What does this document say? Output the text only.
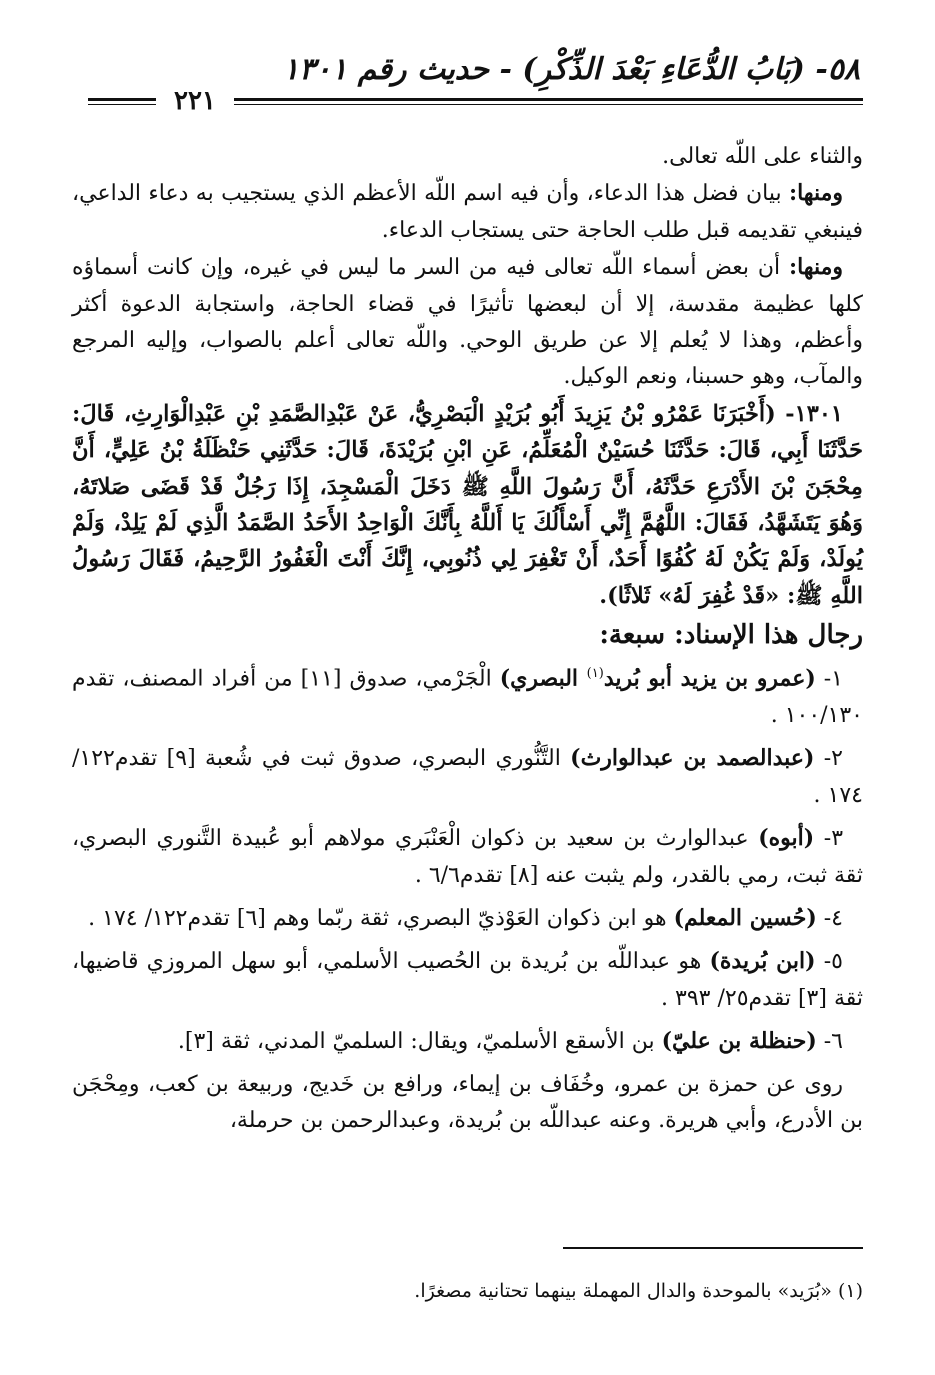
٥٨- (بَابُ الدُّعَاءِ بَعْدَ الذِّكْرِ) - حديث رقم ١٣٠١
٢٢١

والثناء على اللّه تعالى.

ومنها: بيان فضل هذا الدعاء، وأن فيه اسم اللّه الأعظم الذي يستجيب به دعاء الداعي، فينبغي تقديمه قبل طلب الحاجة حتى يستجاب الدعاء.

ومنها: أن بعض أسماء اللّه تعالى فيه من السر ما ليس في غيره، وإن كانت أسماؤه كلها عظيمة مقدسة، إلا أن لبعضها تأثيرًا في قضاء الحاجة، واستجابة الدعوة أكثر وأعظم، وهذا لا يُعلم إلا عن طريق الوحي. واللّه تعالى أعلم بالصواب، وإليه المرجع والمآب، وهو حسبنا، ونعم الوكيل.

١٣٠١- (أَخْبَرَنَا عَمْرُو بْنُ يَزِيدَ أَبُو بُرَيْدٍ الْبَصْرِيُّ، عَنْ عَبْدِالصَّمَدِ بْنِ عَبْدِالْوَارِثِ، قَالَ: حَدَّثَنَا أَبِي، قَالَ: حَدَّثَنَا حُسَيْنٌ الْمُعَلِّمُ، عَنِ ابْنِ بُرَيْدَةَ، قَالَ: حَدَّثَنِي حَنْظَلَةُ بْنُ عَلِيٍّ، أَنَّ مِحْجَنَ بْنَ الأَدْرَعِ حَدَّثَهُ، أَنَّ رَسُولَ اللَّهِ ﷺ دَخَلَ الْمَسْجِدَ، إِذَا رَجُلٌ قَدْ قَضَى صَلاتَهُ، وَهُوَ يَتَشَهَّدُ، فَقَالَ: اللَّهُمَّ إِنِّي أَسْأَلُكَ يَا أَللَّهُ بِأَنَّكَ الْوَاحِدُ الأَحَدُ الصَّمَدُ الَّذِي لَمْ يَلِدْ، وَلَمْ يُولَدْ، وَلَمْ يَكُنْ لَهُ كُفُوًا أَحَدٌ، أَنْ تَغْفِرَ لِي ذُنُوبِي، إِنَّكَ أَنْتَ الْغَفُورُ الرَّحِيمُ، فَقَالَ رَسُولُ اللَّهِ ﷺ: «قَدْ غُفِرَ لَهُ» ثَلاثًا).

رجال هذا الإسناد: سبعة:

١- (عمرو بن يزيد أبو بُريد$^{(١)}$ البصري) الْجَرْمي، صدوق [١١] من أفراد المصنف، تقدم ١٠٠/١٣٠ .

٢- (عبدالصمد بن عبدالوارث) التَّنُّوري البصري، صدوق ثبت في شُعبة [٩] تقدم١٢٢/ ١٧٤ .

٣- (أبوه) عبدالوارث بن سعيد بن ذكوان الْعَنْبَري مولاهم أبو عُبيدة التَّنوري البصري، ثقة ثبت، رمي بالقدر، ولم يثبت عنه [٨] تقدم٦/٦ .

٤- (حُسين المعلم) هو ابن ذكوان العَوْذيّ البصري، ثقة ربّما وهم [٦] تقدم١٢٢/ ١٧٤ .

٥- (ابن بُريدة) هو عبداللّه بن بُريدة بن الحُصيب الأسلمي، أبو سهل المروزي قاضيها، ثقة [٣] تقدم٢٥/ ٣٩٣ .

٦- (حنظلة بن عليّ) بن الأسقع الأسلميّ، ويقال: السلميّ المدني، ثقة [٣].

روى عن حمزة بن عمرو، وخُفَاف بن إيماء، ورافع بن خَديج، وربيعة بن كعب، ومِحْجَن بن الأدرع، وأبي هريرة. وعنه عبداللّه بن بُريدة، وعبدالرحمن بن حرملة،

(١) «بُرَيد» بالموحدة والدال المهملة بينهما تحتانية مصغرًا.
